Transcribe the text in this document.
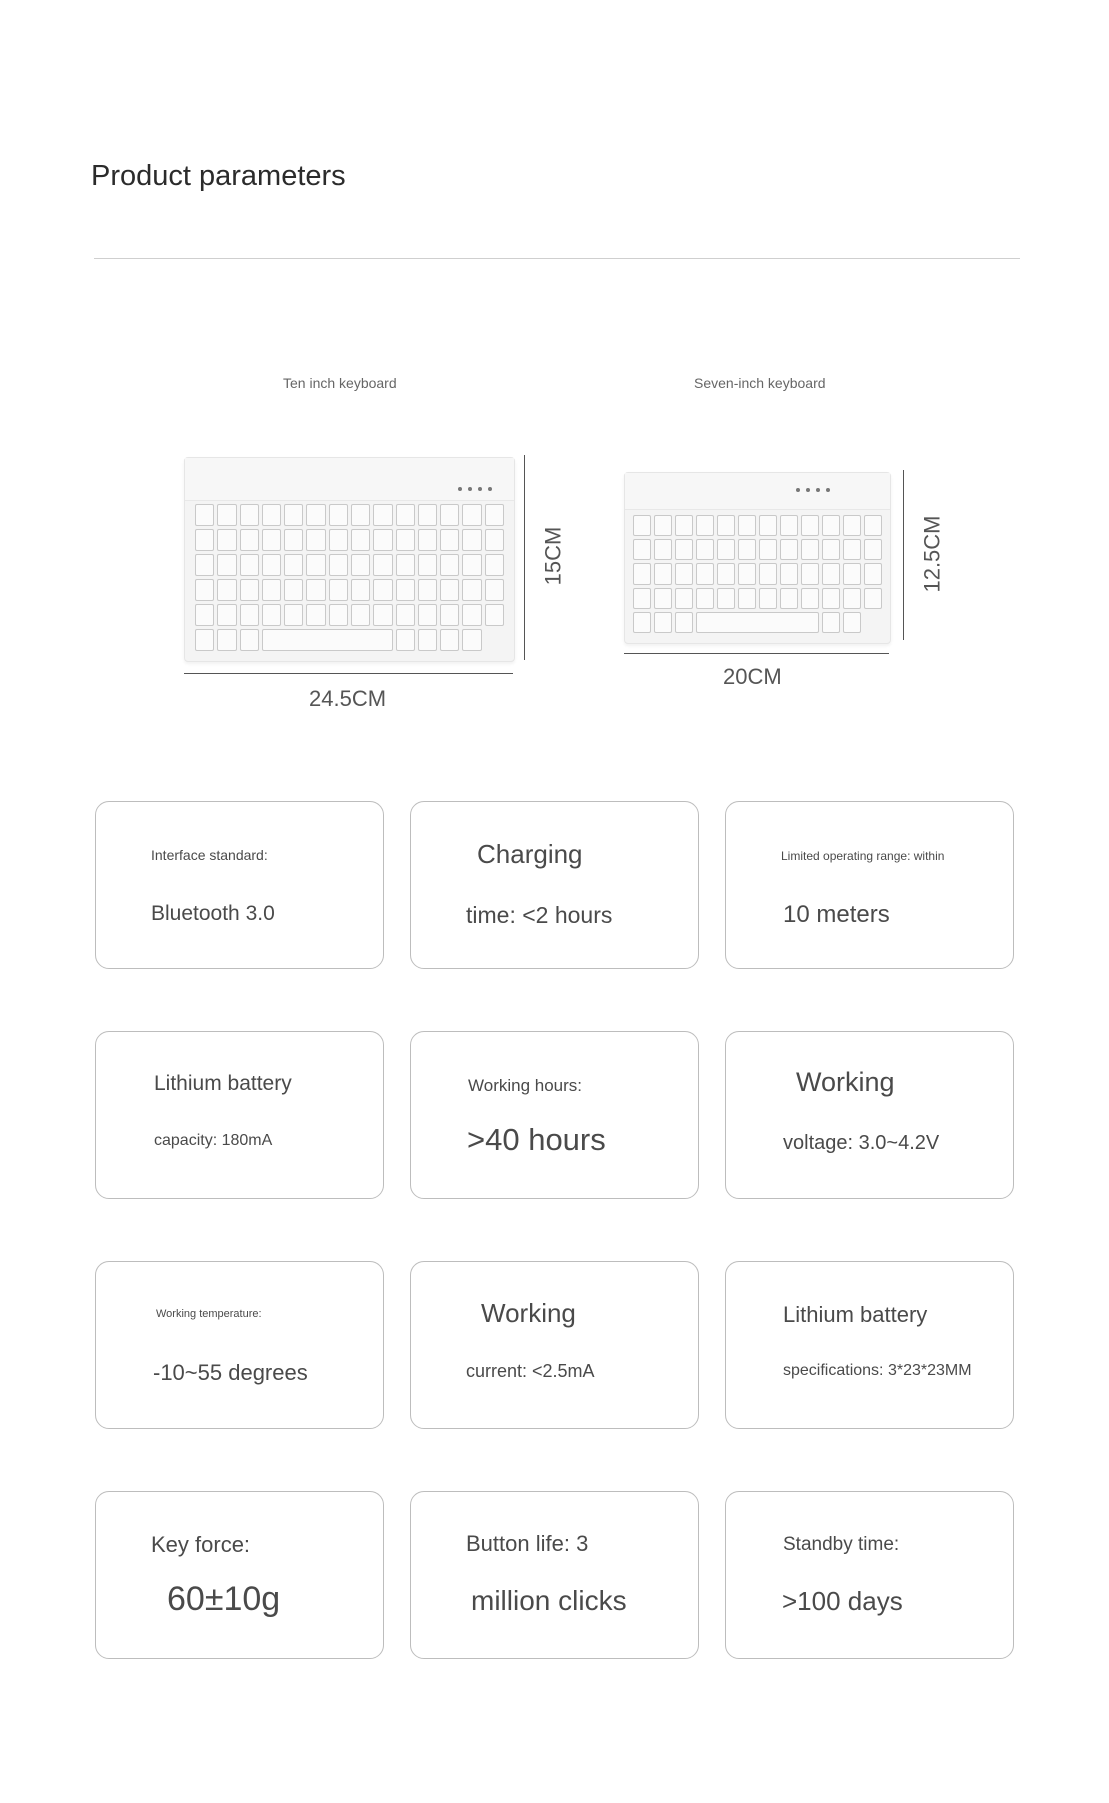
Product parameters
Ten inch keyboard
15CM
24.5CM
Seven-inch keyboard
12.5CM
20CM
Interface standard:
Bluetooth 3.0
Charging
time: <2 hours
Limited operating range: within
10 meters
Lithium battery
capacity: 180mA
Working hours:
>40 hours
Working
voltage: 3.0~4.2V
Working temperature:
-10~55 degrees
Working
current: <2.5mA
Lithium battery
specifications: 3*23*23MM
Key force:
60±10g
Button life: 3
million clicks
Standby time:
>100 days
